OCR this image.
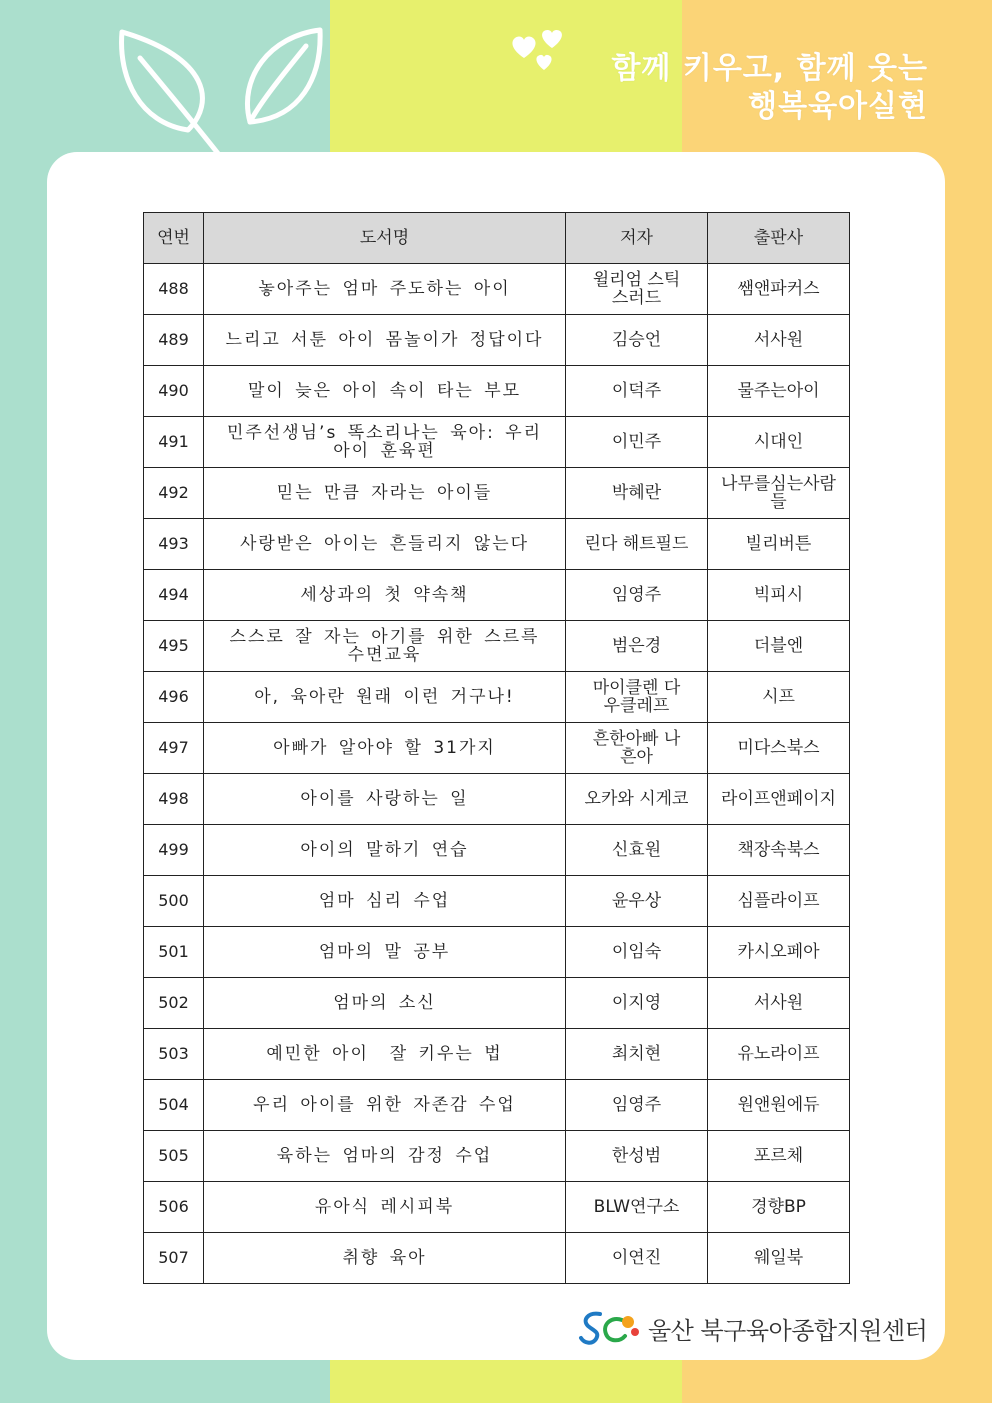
함께 키우고, 함께 웃는
행복육아실현
연번	도서명	저자	출판사
488	놓아주는 엄마 주도하는 아이	윌리엄 스틱스러드	쌤앤파커스
489	느리고 서툰 아이 몸놀이가 정답이다	김승언	서사원
490	말이 늦은 아이 속이 타는 부모	이덕주	물주는아이
491	민주선생님’s 똑소리나는 육아: 우리 아이 훈육편	이민주	시대인
492	믿는 만큼 자라는 아이들	박혜란	나무를심는사람들
493	사랑받은 아이는 흔들리지 않는다	린다 해트필드	빌리버튼
494	세상과의 첫 약속책	임영주	빅피시
495	스스로 잘 자는 아기를 위한 스르륵 수면교육	범은경	더블엔
496	아, 육아란 원래 이런 거구나!	마이클렌 다우클레프	시프
497	아빠가 알아야 할 31가지	흔한아빠 나흔아	미다스북스
498	아이를 사랑하는 일	오카와 시게코	라이프앤페이지
499	아이의 말하기 연습	신효원	책장속북스
500	엄마 심리 수업	윤우상	심플라이프
501	엄마의 말 공부	이임숙	카시오페아
502	엄마의 소신	이지영	서사원
503	예민한 아이  잘 키우는 법	최치현	유노라이프
504	우리 아이를 위한 자존감 수업	임영주	원앤원에듀
505	육하는 엄마의 감정 수업	한성범	포르체
506	유아식 레시피북	BLW연구소	경향BP
507	취향 육아	이연진	웨일북
울산 북구육아종합지원센터
